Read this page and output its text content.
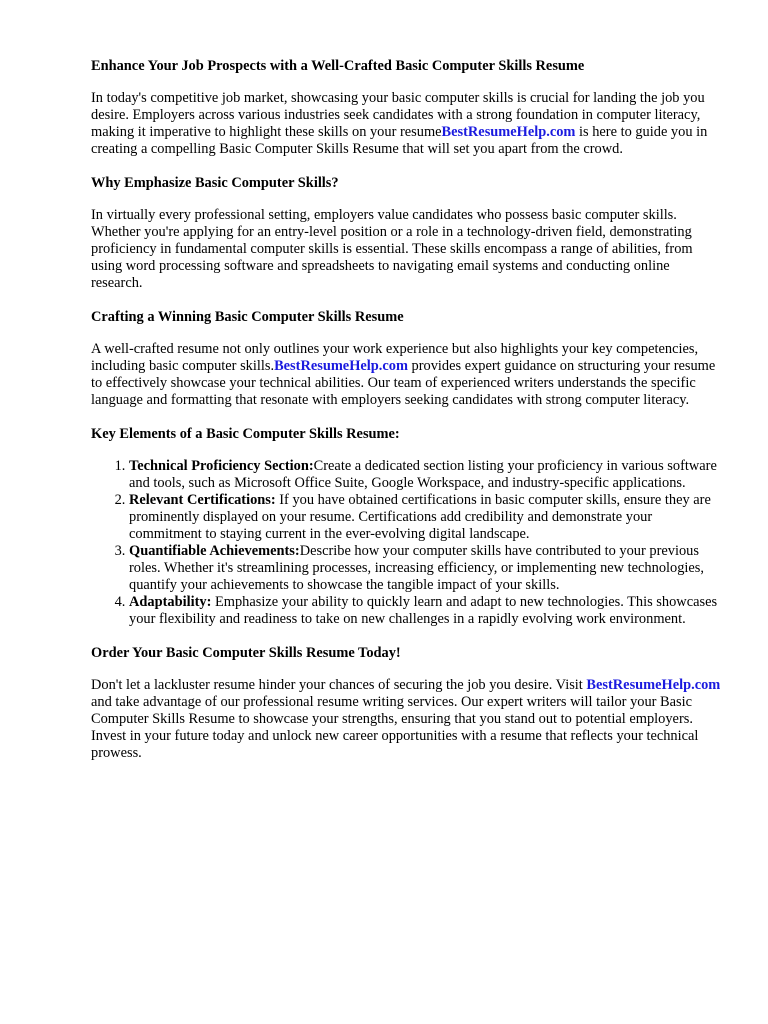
Enhance Your Job Prospects with a Well-Crafted Basic Computer Skills Resume

In today's competitive job market, showcasing your basic computer skills is crucial for landing the job you desire. Employers across various industries seek candidates with a strong foundation in computer literacy, making it imperative to highlight these skills on your resumeBestResumeHelp.com is here to guide you in creating a compelling Basic Computer Skills Resume that will set you apart from the crowd.

Why Emphasize Basic Computer Skills?

In virtually every professional setting, employers value candidates who possess basic computer skills. Whether you're applying for an entry-level position or a role in a technology-driven field, demonstrating proficiency in fundamental computer skills is essential. These skills encompass a range of abilities, from using word processing software and spreadsheets to navigating email systems and conducting online research.

Crafting a Winning Basic Computer Skills Resume

A well-crafted resume not only outlines your work experience but also highlights your key competencies, including basic computer skills.BestResumeHelp.com provides expert guidance on structuring your resume to effectively showcase your technical abilities. Our team of experienced writers understands the specific language and formatting that resonate with employers seeking candidates with strong computer literacy.

Key Elements of a Basic Computer Skills Resume:
1. Technical Proficiency Section:Create a dedicated section listing your proficiency in various software and tools, such as Microsoft Office Suite, Google Workspace, and industry-specific applications.
2. Relevant Certifications: If you have obtained certifications in basic computer skills, ensure they are prominently displayed on your resume. Certifications add credibility and demonstrate your commitment to staying current in the ever-evolving digital landscape.
3. Quantifiable Achievements:Describe how your computer skills have contributed to your previous roles. Whether it's streamlining processes, increasing efficiency, or implementing new technologies, quantify your achievements to showcase the tangible impact of your skills.
4. Adaptability: Emphasize your ability to quickly learn and adapt to new technologies. This showcases your flexibility and readiness to take on new challenges in a rapidly evolving work environment.
Order Your Basic Computer Skills Resume Today!

Don't let a lackluster resume hinder your chances of securing the job you desire. Visit BestResumeHelp.com and take advantage of our professional resume writing services. Our expert writers will tailor your Basic Computer Skills Resume to showcase your strengths, ensuring that you stand out to potential employers. Invest in your future today and unlock new career opportunities with a resume that reflects your technical prowess.
